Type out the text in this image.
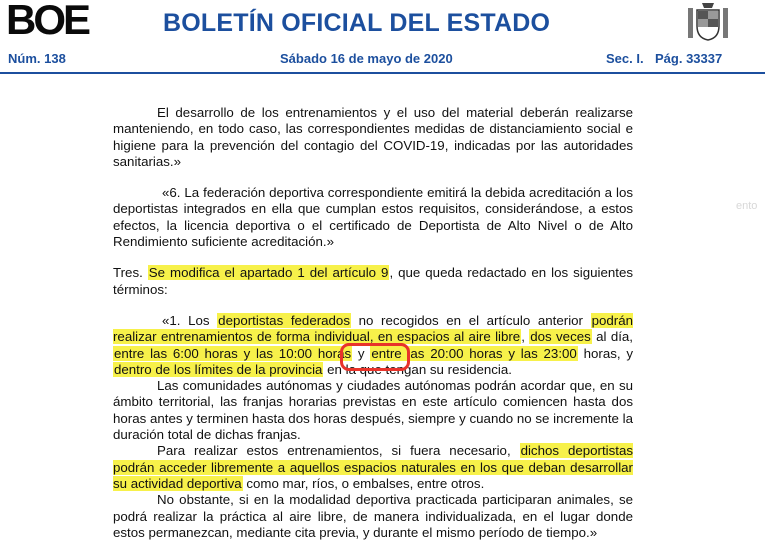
BOE	BOLETÍN OFICIAL DEL ESTADO
Núm. 138	Sábado 16 de mayo de 2020	Sec. I. Pág. 33337
ento

El desarrollo de los entrenamientos y el uso del material deberán realizarse manteniendo, en todo caso, las correspondientes medidas de distanciamiento social e higiene para la prevención del contagio del COVID-19, indicadas por las autoridades sanitarias.»

«6. La federación deportiva correspondiente emitirá la debida acreditación a los deportistas integrados en ella que cumplan estos requisitos, considerándose, a estos efectos, la licencia deportiva o el certificado de Deportista de Alto Nivel o de Alto Rendimiento suficiente acreditación.»

Tres. Se modifica el apartado 1 del artículo 9, que queda redactado en los siguientes términos:

«1. Los deportistas federados no recogidos en el artículo anterior podrán realizar entrenamientos de forma individual, en espacios al aire libre, dos veces al día, entre las 6:00 horas y las 10:00 horas y entre las 20:00 horas y las 23:00 horas, y dentro de los límites de la provincia en la que tengan su residencia.

Las comunidades autónomas y ciudades autónomas podrán acordar que, en su ámbito territorial, las franjas horarias previstas en este artículo comiencen hasta dos horas antes y terminen hasta dos horas después, siempre y cuando no se incremente la duración total de dichas franjas.

Para realizar estos entrenamientos, si fuera necesario, dichos deportistas podrán acceder libremente a aquellos espacios naturales en los que deban desarrollar su actividad deportiva como mar, ríos, o embalses, entre otros.

No obstante, si en la modalidad deportiva practicada participaran animales, se podrá realizar la práctica al aire libre, de manera individualizada, en el lugar donde estos permanezcan, mediante cita previa, y durante el mismo período de tiempo.»
